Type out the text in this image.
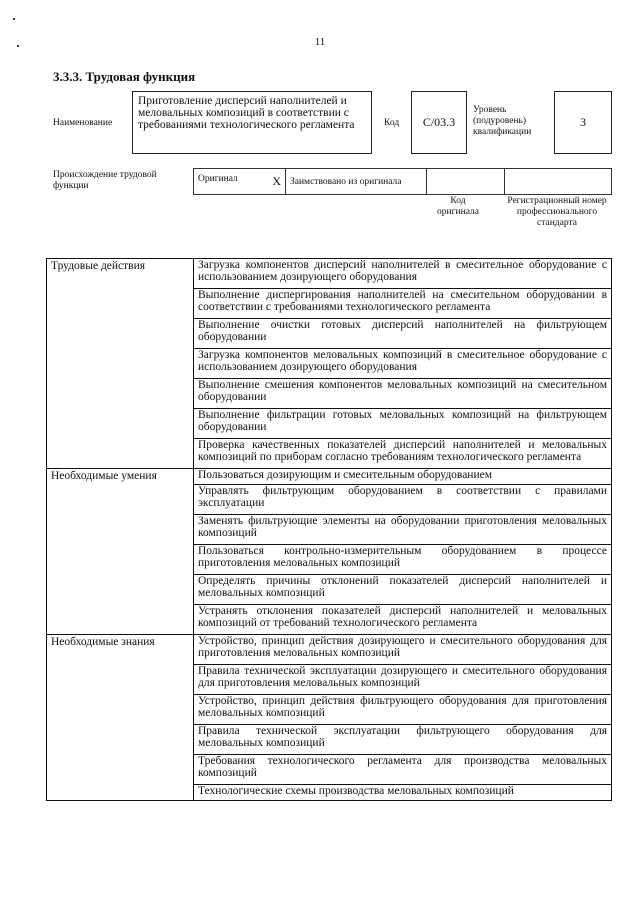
11
3.3.3. Трудовая функция
Наименование
Приготовление дисперсий наполнителей и меловальных композиций в соответствии с требованиями технологического регламента	Код	С/03.3
Уровень (подуровень) квалификации
3
Происхождение трудовой функции
Оригинал	X	Заимствовано из оригинала		
Код оригинала
Регистрационный номер профессионального стандарта
Трудовые действия	Загрузка компонентов дисперсий наполнителей в смесительное оборудование с использованием дозирующего оборудования
	Выполнение диспергирования наполнителей на смесительном оборудовании в соответствии с требованиями технологического регламента
	Выполнение очистки готовых дисперсий наполнителей на фильтрующем оборудовании
	Загрузка компонентов меловальных композиций в смесительное оборудование с использованием дозирующего оборудования
	Выполнение смешения компонентов меловальных композиций на смесительном оборудовании
	Выполнение фильтрации готовых меловальных композиций на фильтрующем оборудовании
	Проверка качественных показателей дисперсий наполнителей и меловальных композиций по приборам согласно требованиям технологического регламента
Необходимые умения	Пользоваться дозирующим и смесительным оборудованием
	Управлять фильтрующим оборудованием в соответствии с правилами эксплуатации
	Заменять фильтрующие элементы на оборудовании приготовления меловальных композиций
	Пользоваться контрольно-измерительным оборудованием в процессе приготовления меловальных композиций
	Определять причины отклонений показателей дисперсий наполнителей и меловальных композиций
	Устранять отклонения показателей дисперсий наполнителей и меловальных композиций от требований технологического регламента
Необходимые знания	Устройство, принцип действия дозирующего и смесительного оборудования для приготовления меловальных композиций
	Правила технической эксплуатации дозирующего и смесительного оборудования для приготовления меловальных композиций
	Устройство, принцип действия фильтрующего оборудования для приготовления меловальных композиций
	Правила технической эксплуатации фильтрующего оборудования для меловальных композиций
	Требования технологического регламента для производства меловальных композиций
	Технологические схемы производства меловальных композиций
